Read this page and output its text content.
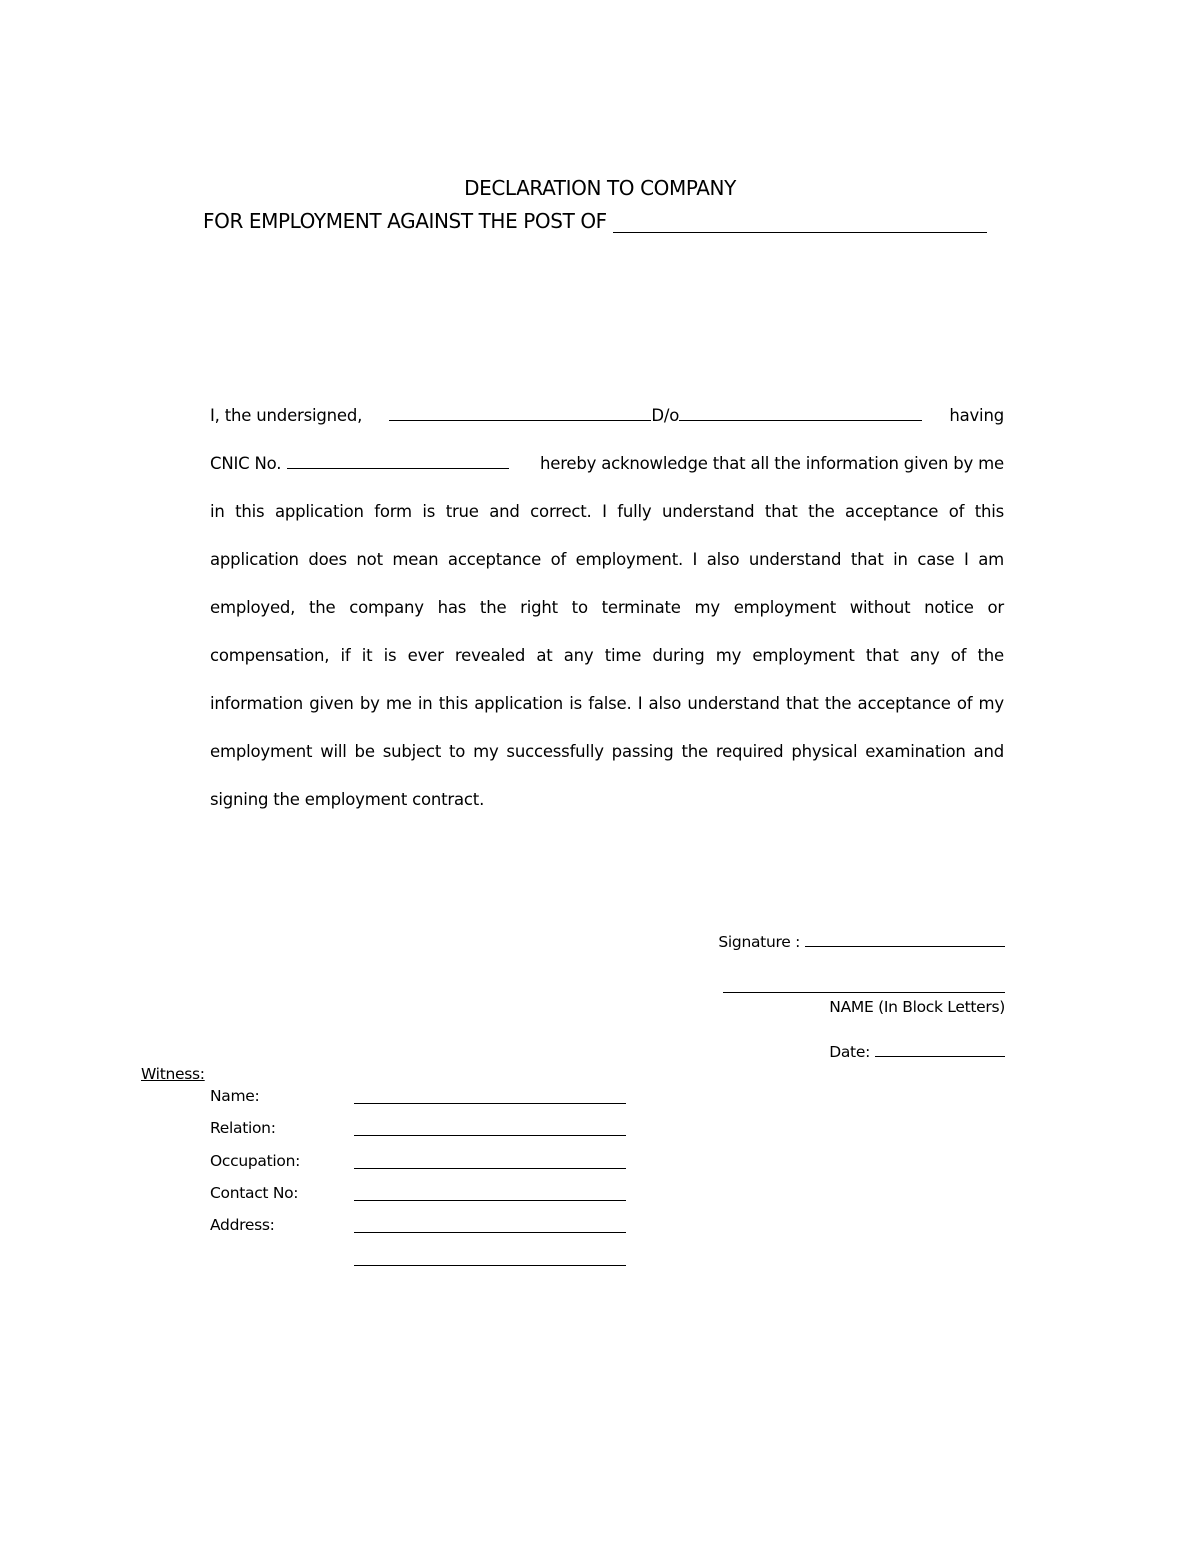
DECLARATION TO COMPANY
FOR EMPLOYMENT AGAINST THE POST OF
I, the undersigned,	D/o	having
CNIC No.	hereby acknowledge that all the information given by me
in this application form is true and correct. I fully understand that the acceptance of this
application does not mean acceptance of employment. I also understand that in case I am
employed, the company has the right to terminate my employment without notice or
compensation, if it is ever revealed at any time during my employment that any of the
information given by me in this application is false. I also understand that the acceptance of my
employment will be subject to my successfully passing the required physical examination and
signing the employment contract.
Signature :
NAME (In Block Letters)
Date:
Witness:
Name:
Relation:
Occupation:
Contact No:
Address:
